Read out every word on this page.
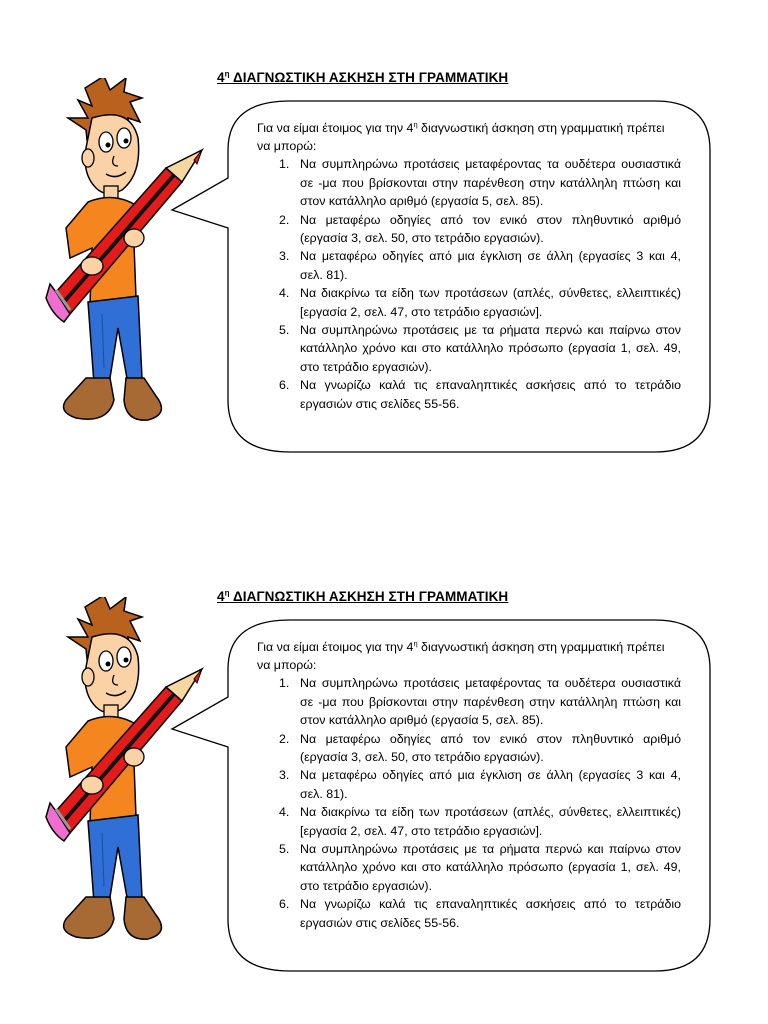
$4^\eta$ ΔΙΑΓΝΩΣΤΙΚΗ ΑΣΚΗΣΗ ΣΤΗ ΓΡΑΜΜΑΤΙΚΗ

Για να είμαι έτοιμος για την $4^\eta$ διαγνωστική άσκηση στη γραμματική πρέπει να μπορώ:

1. Να συμπληρώνω προτάσεις μεταφέροντας τα ουδέτερα ουσιαστικά σε -μα που βρίσκονται στην παρένθεση στην κατάλληλη πτώση και στον κατάλληλο αριθμό (εργασία 5, σελ. 85).
2. Να μεταφέρω οδηγίες από τον ενικό στον πληθυντικό αριθμό (εργασία 3, σελ. 50, στο τετράδιο εργασιών).
3. Να μεταφέρω οδηγίες από μια έγκλιση σε άλλη (εργασίες 3 και 4, σελ. 81).
4. Να διακρίνω τα είδη των προτάσεων (απλές, σύνθετες, ελλειπτικές) [εργασία 2, σελ. 47, στο τετράδιο εργασιών].
5. Να συμπληρώνω προτάσεις με τα ρήματα περνώ και παίρνω στον κατάλληλο χρόνο και στο κατάλληλο πρόσωπο (εργασία 1, σελ. 49, στο τετράδιο εργασιών).
6. Να γνωρίζω καλά τις επαναληπτικές ασκήσεις από το τετράδιο εργασιών στις σελίδες 55-56.
$4^\eta$ ΔΙΑΓΝΩΣΤΙΚΗ ΑΣΚΗΣΗ ΣΤΗ ΓΡΑΜΜΑΤΙΚΗ

Για να είμαι έτοιμος για την $4^\eta$ διαγνωστική άσκηση στη γραμματική πρέπει να μπορώ:

1. Να συμπληρώνω προτάσεις μεταφέροντας τα ουδέτερα ουσιαστικά σε -μα που βρίσκονται στην παρένθεση στην κατάλληλη πτώση και στον κατάλληλο αριθμό (εργασία 5, σελ. 85).
2. Να μεταφέρω οδηγίες από τον ενικό στον πληθυντικό αριθμό (εργασία 3, σελ. 50, στο τετράδιο εργασιών).
3. Να μεταφέρω οδηγίες από μια έγκλιση σε άλλη (εργασίες 3 και 4, σελ. 81).
4. Να διακρίνω τα είδη των προτάσεων (απλές, σύνθετες, ελλειπτικές) [εργασία 2, σελ. 47, στο τετράδιο εργασιών].
5. Να συμπληρώνω προτάσεις με τα ρήματα περνώ και παίρνω στον κατάλληλο χρόνο και στο κατάλληλο πρόσωπο (εργασία 1, σελ. 49, στο τετράδιο εργασιών).
6. Να γνωρίζω καλά τις επαναληπτικές ασκήσεις από το τετράδιο εργασιών στις σελίδες 55-56.
